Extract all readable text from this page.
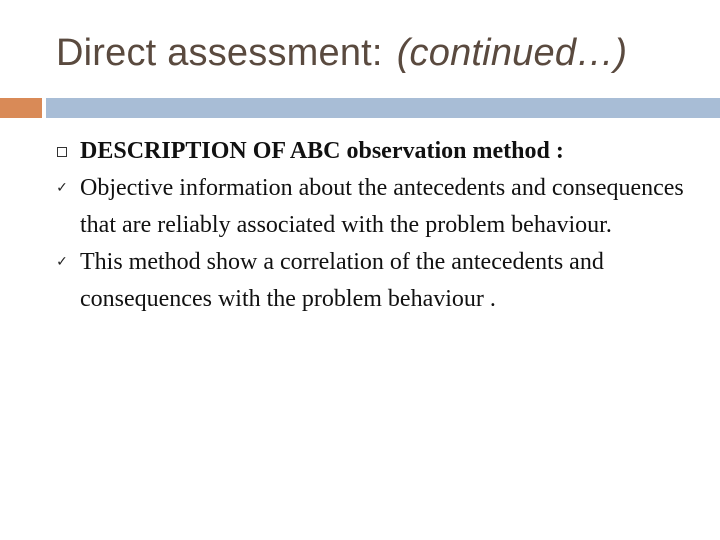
Direct assessment: (continued…)
DESCRIPTION OF ABC observation method :
✓ Objective information about the antecedents and consequences that are reliably associated with the problem behaviour.
✓ This method show a correlation of the antecedents and consequences with the problem behaviour .
